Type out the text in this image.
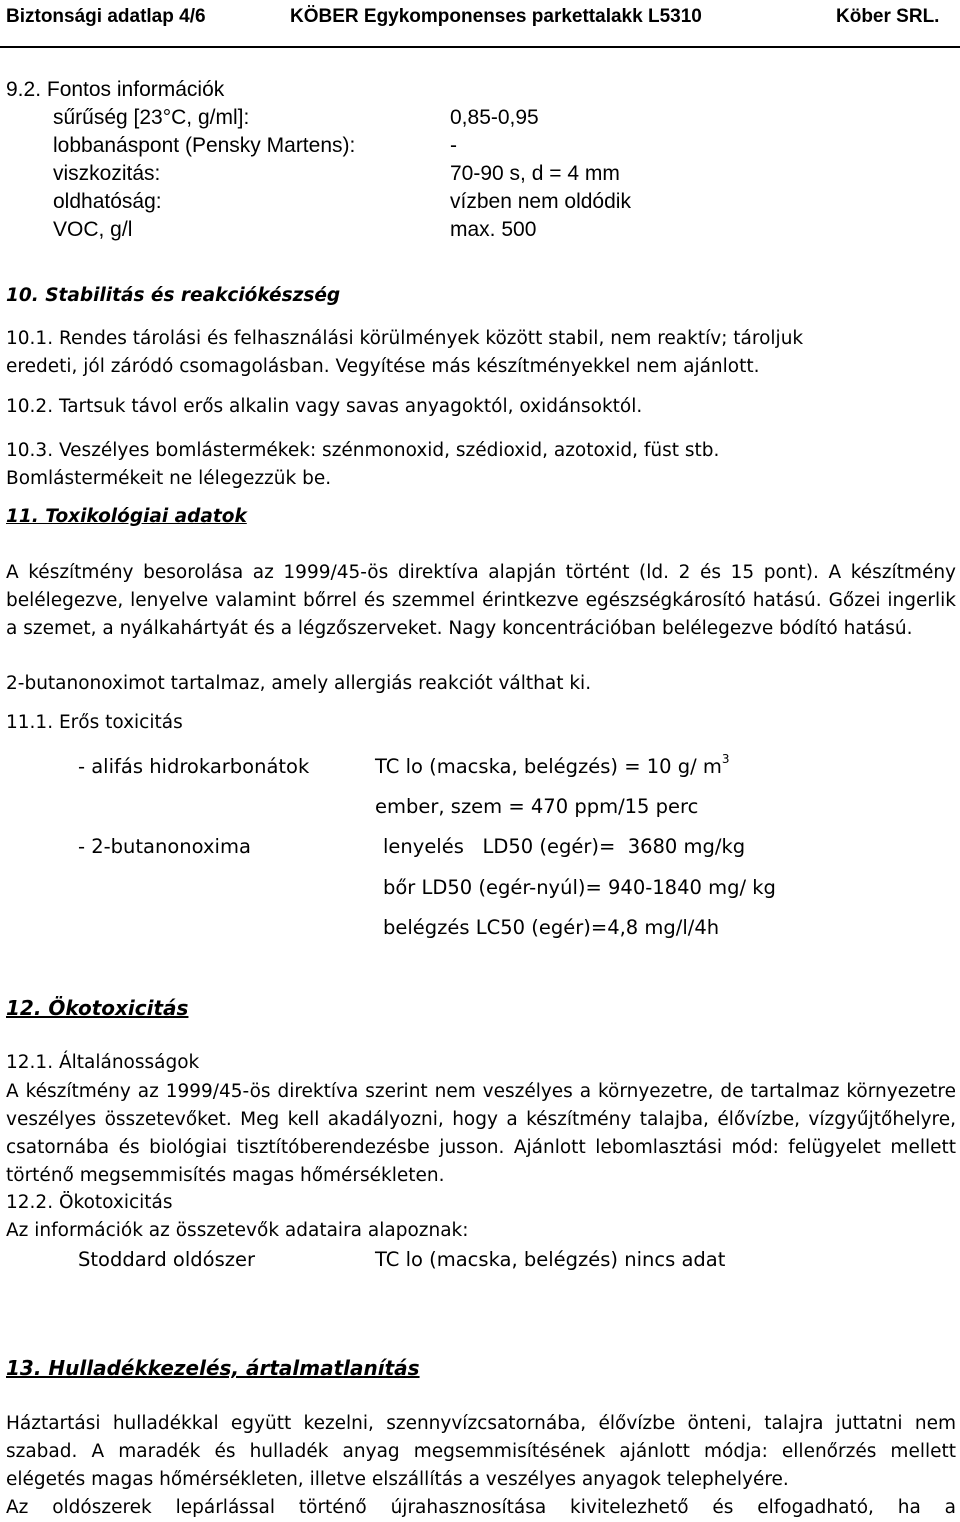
Biztonsági adatlap 4/6	KÖBER Egykomponenses parkettalakk L5310	Köber SRL.
9.2. Fontos információk
sűrűség [23°C, g/ml]:	0,85-0,95
lobbanáspont (Pensky Martens):	-
viszkozitás:	70-90 s, d = 4 mm
oldhatóság:	vízben nem oldódik
VOC, g/l	max. 500
10. Stabilitás és reakciókészség
10.1. Rendes tárolási és felhasználási körülmények között stabil, nem reaktív; tároljuk
eredeti, jól záródó csomagolásban. Vegyítése más készítményekkel nem ajánlott.
10.2. Tartsuk távol erős alkalin vagy savas anyagoktól, oxidánsoktól.
10.3. Veszélyes bomlástermékek: szénmonoxid, szédioxid, azotoxid, füst stb.
Bomlástermékeit ne lélegezzük be.
11. Toxikológiai adatok

A készítmény besorolása az 1999/45-ös direktíva alapján történt (ld. 2 és 15 pont). A készítmény belélegezve, lenyelve valamint bőrrel és szemmel érintkezve egészségkárosító hatású. Gőzei ingerlik a szemet, a nyálkahártyát és a légzőszerveket. Nagy koncentrációban belélegezve bódító hatású.

2-butanonoximot tartalmaz, amely allergiás reakciót válthat ki.
11.1. Erős toxicitás
- alifás hidrokarbonátok	TC lo (macska, belégzés) = 10 g/ $m^3$
ember, szem = 470 ppm/15 perc
- 2-butanonoxima	lenyelés   LD50 (egér)=  3680 mg/kg
bőr LD50 (egér-nyúl)= 940-1840 mg/ kg
belégzés LC50 (egér)=4,8 mg/l/4h
12. Ökotoxicitás
12.1. Általánosságok

A készítmény az 1999/45-ös direktíva szerint nem veszélyes a környezetre, de tartalmaz környezetre veszélyes összetevőket. Meg kell akadályozni, hogy a készítmény talajba, élővízbe, vízgyűjtőhelyre, csatornába és biológiai tisztítóberendezésbe jusson. Ajánlott lebomlasztási mód: felügyelet mellett történő megsemmisítés magas hőmérsékleten.

12.2. Ökotoxicitás
Az információk az összetevők adataira alapoznak:
Stoddard oldószer	TC lo (macska, belégzés) nincs adat
13. Hulladékkezelés, ártalmatlanítás

Háztartási hulladékkal együtt kezelni, szennyvízcsatornába, élővízbe önteni, talajra juttatni nem szabad. A maradék és hulladék anyag megsemmisítésének ajánlott módja: ellenőrzés mellett elégetés magas hőmérsékleten, illetve elszállítás a veszélyes anyagok telephelyére.

Az oldószerek lepárlással történő újrahasznosítása kivitelezhető és elfogadható, ha a
